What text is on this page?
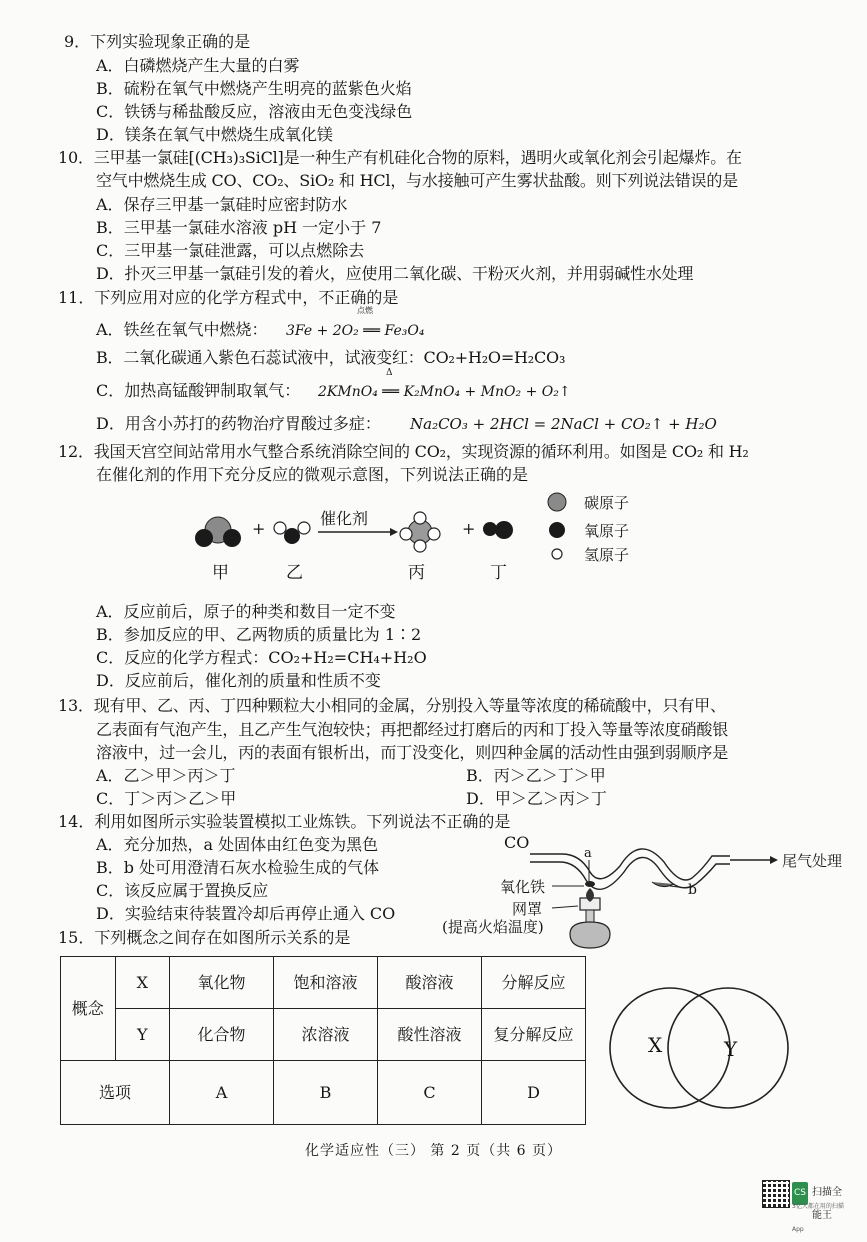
9．下列实验现象正确的是
A．白磷燃烧产生大量的白雾
B．硫粉在氧气中燃烧产生明亮的蓝紫色火焰
C．铁锈与稀盐酸反应，溶液由无色变浅绿色
D．镁条在氧气中燃烧生成氧化镁
10．三甲基一氯硅[(CH₃)₃SiCl]是一种生产有机硅化合物的原料，遇明火或氧化剂会引起爆炸。在
空气中燃烧生成 CO、CO₂、SiO₂ 和 HCl，与水接触可产生雾状盐酸。则下列说法错误的是
A．保存三甲基一氯硅时应密封防水
B．三甲基一氯硅水溶液 pH 一定小于 7
C．三甲基一氯硅泄露，可以点燃除去
D．扑灭三甲基一氯硅引发的着火，应使用二氧化碳、干粉灭火剂，并用弱碱性水处理
11．下列应用对应的化学方程式中，不正确的是
A．铁丝在氧气中燃烧： 3Fe + 2O₂ ══ Fe₃O₄
点燃
B．二氧化碳通入紫色石蕊试液中，试液变红：CO₂+H₂O=H₂CO₃
C．加热高锰酸钾制取氧气： 2KMnO₄ ══ K₂MnO₄ + MnO₂ + O₂↑
Δ
D．用含小苏打的药物治疗胃酸过多症： Na₂CO₃ + 2HCl = 2NaCl + CO₂↑ + H₂O
12．我国天宫空间站常用水气整合系统消除空间的 CO₂，实现资源的循环利用。如图是 CO₂ 和 H₂
在催化剂的作用下充分反应的微观示意图，下列说法正确的是
+
催化剂
+
甲	乙	丙	丁
碳原子
氧原子
氢原子
A．反应前后，原子的种类和数目一定不变
B．参加反应的甲、乙两物质的质量比为 1∶2
C．反应的化学方程式：CO₂+H₂=CH₄+H₂O
D．反应前后，催化剂的质量和性质不变
13．现有甲、乙、丙、丁四种颗粒大小相同的金属，分别投入等量等浓度的稀硫酸中，只有甲、
乙表面有气泡产生，且乙产生气泡较快；再把都经过打磨后的丙和丁投入等量等浓度硝酸银
溶液中，过一会儿，丙的表面有银析出，而丁没变化，则四种金属的活动性由强到弱顺序是
A．乙＞甲＞丙＞丁	B．丙＞乙＞丁＞甲
C．丁＞丙＞乙＞甲	D．甲＞乙＞丙＞丁
14．利用如图所示实验装置模拟工业炼铁。下列说法不正确的是
A．充分加热，a 处固体由红色变为黑色
B．b 处可用澄清石灰水检验生成的气体
C．该反应属于置换反应
D．实验结束待装置冷却后再停止通入 CO
CO
尾气处理
a
b
氧化铁
网罩
(提高火焰温度)
15．下列概念之间存在如图所示关系的是
概念	X	氧化物	饱和溶液	酸溶液	分解反应
	Y	化合物	浓溶液	酸性溶液	复分解反应
选项		A	B	C	D
X	Y
化学适应性（三） 第 2 页（共 6 页）
CS 扫描全能王
3亿人都在用的扫描App
